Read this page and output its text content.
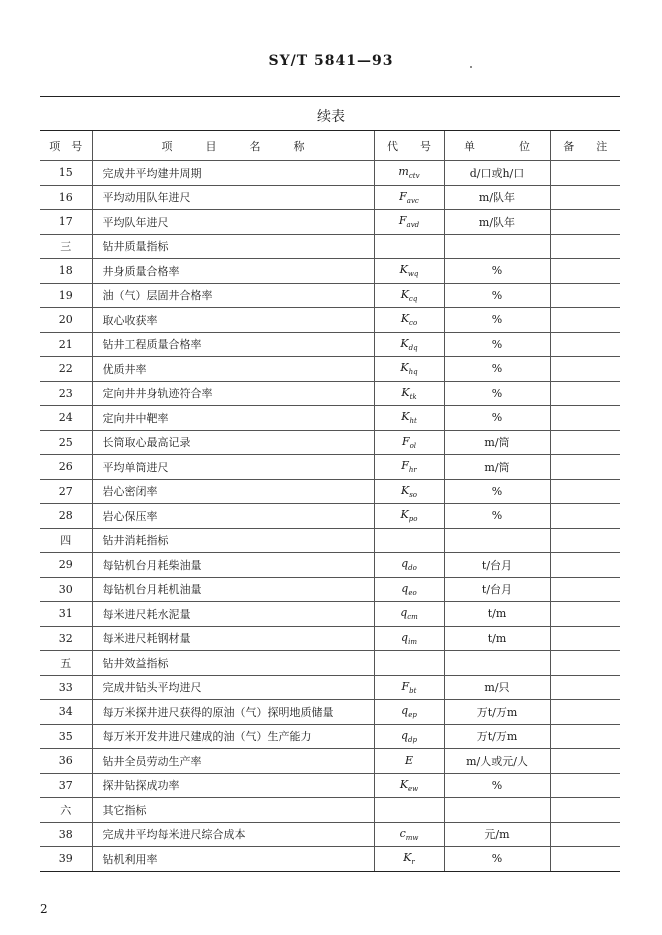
SY/T 5841—93
续表
项　号	项　　　目　　　名　　　称	代　　号	单　　　　位	备　　注
15	完成井平均建井周期	$m_{ctv}$	d/口或h/口	
16	平均动用队年进尺	$F_{avc}$	m/队年	
17	平均队年进尺	$F_{avd}$	m/队年	
三	钻井质量指标			
18	井身质量合格率	$K_{wq}$	%	
19	油（气）层固井合格率	$K_{cq}$	%	
20	取心收获率	$K_{co}$	%	
21	钻井工程质量合格率	$K_{dq}$	%	
22	优质井率	$K_{hq}$	%	
23	定向井井身轨迹符合率	$K_{tk}$	%	
24	定向井中靶率	$K_{ht}$	%	
25	长筒取心最高记录	$F_{ol}$	m/筒	
26	平均单筒进尺	$F_{hr}$	m/筒	
27	岩心密闭率	$K_{so}$	%	
28	岩心保压率	$K_{po}$	%	
四	钻井消耗指标			
29	每钻机台月耗柴油量	$q_{do}$	t/台月	
30	每钻机台月耗机油量	$q_{eo}$	t/台月	
31	每米进尺耗水泥量	$q_{cm}$	t/m	
32	每米进尺耗钢材量	$q_{im}$	t/m	
五	钻井效益指标			
33	完成井钻头平均进尺	$F_{bt}$	m/只	
34	每万米探井进尺获得的原油（气）探明地质储量	$q_{ep}$	万t/万m	
35	每万米开发井进尺建成的油（气）生产能力	$q_{dp}$	万t/万m	
36	钻井全员劳动生产率	E	m/人或元/人	
37	探井钻探成功率	$K_{ew}$	%	
六	其它指标			
38	完成井平均每米进尺综合成本	$c_{mw}$	元/m	
39	钻机利用率	$K_r$	%	
2
